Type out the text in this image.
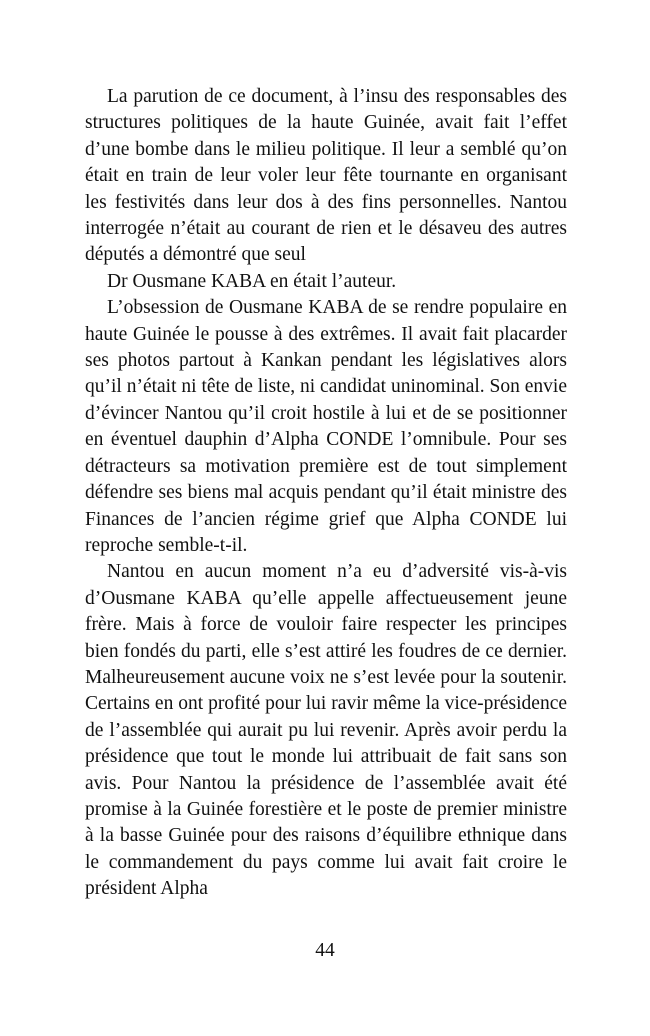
La parution de ce document, à l’insu des responsables des structures politiques de la haute Guinée, avait fait l’effet d’une bombe dans le milieu politique. Il leur a semblé qu’on était en train de leur voler leur fête tournante en organisant les festivités dans leur dos à des fins personnelles. Nantou interrogée n’était au courant de rien et le désaveu des autres députés a démontré que seul

Dr Ousmane KABA en était l’auteur.

L’obsession de Ousmane KABA de se rendre populaire en haute Guinée le pousse à des extrêmes. Il avait fait placarder ses photos partout à Kankan pendant les législatives alors qu’il n’était ni tête de liste, ni candidat uninominal. Son envie d’évincer Nantou qu’il croit hostile à lui et de se positionner en éventuel dauphin d’Alpha CONDE l’omnibule. Pour ses détracteurs sa motivation première est de tout simplement défendre ses biens mal acquis pendant qu’il était ministre des Finances de l’ancien régime grief que Alpha CONDE lui reproche semble-t-il.

Nantou en aucun moment n’a eu d’adversité vis-à-vis d’Ousmane KABA qu’elle appelle affectueusement jeune frère. Mais à force de vouloir faire respecter les principes bien fondés du parti, elle s’est attiré les foudres de ce dernier. Malheureusement aucune voix ne s’est levée pour la soutenir. Certains en ont profité pour lui ravir même la vice-présidence de l’assemblée qui aurait pu lui revenir. Après avoir perdu la présidence que tout le monde lui attribuait de fait sans son avis. Pour Nantou la présidence de l’assemblée avait été promise à la Guinée forestière et le poste de premier ministre à la basse Guinée pour des raisons d’équilibre ethnique dans le commandement du pays comme lui avait fait croire le président Alpha

44
